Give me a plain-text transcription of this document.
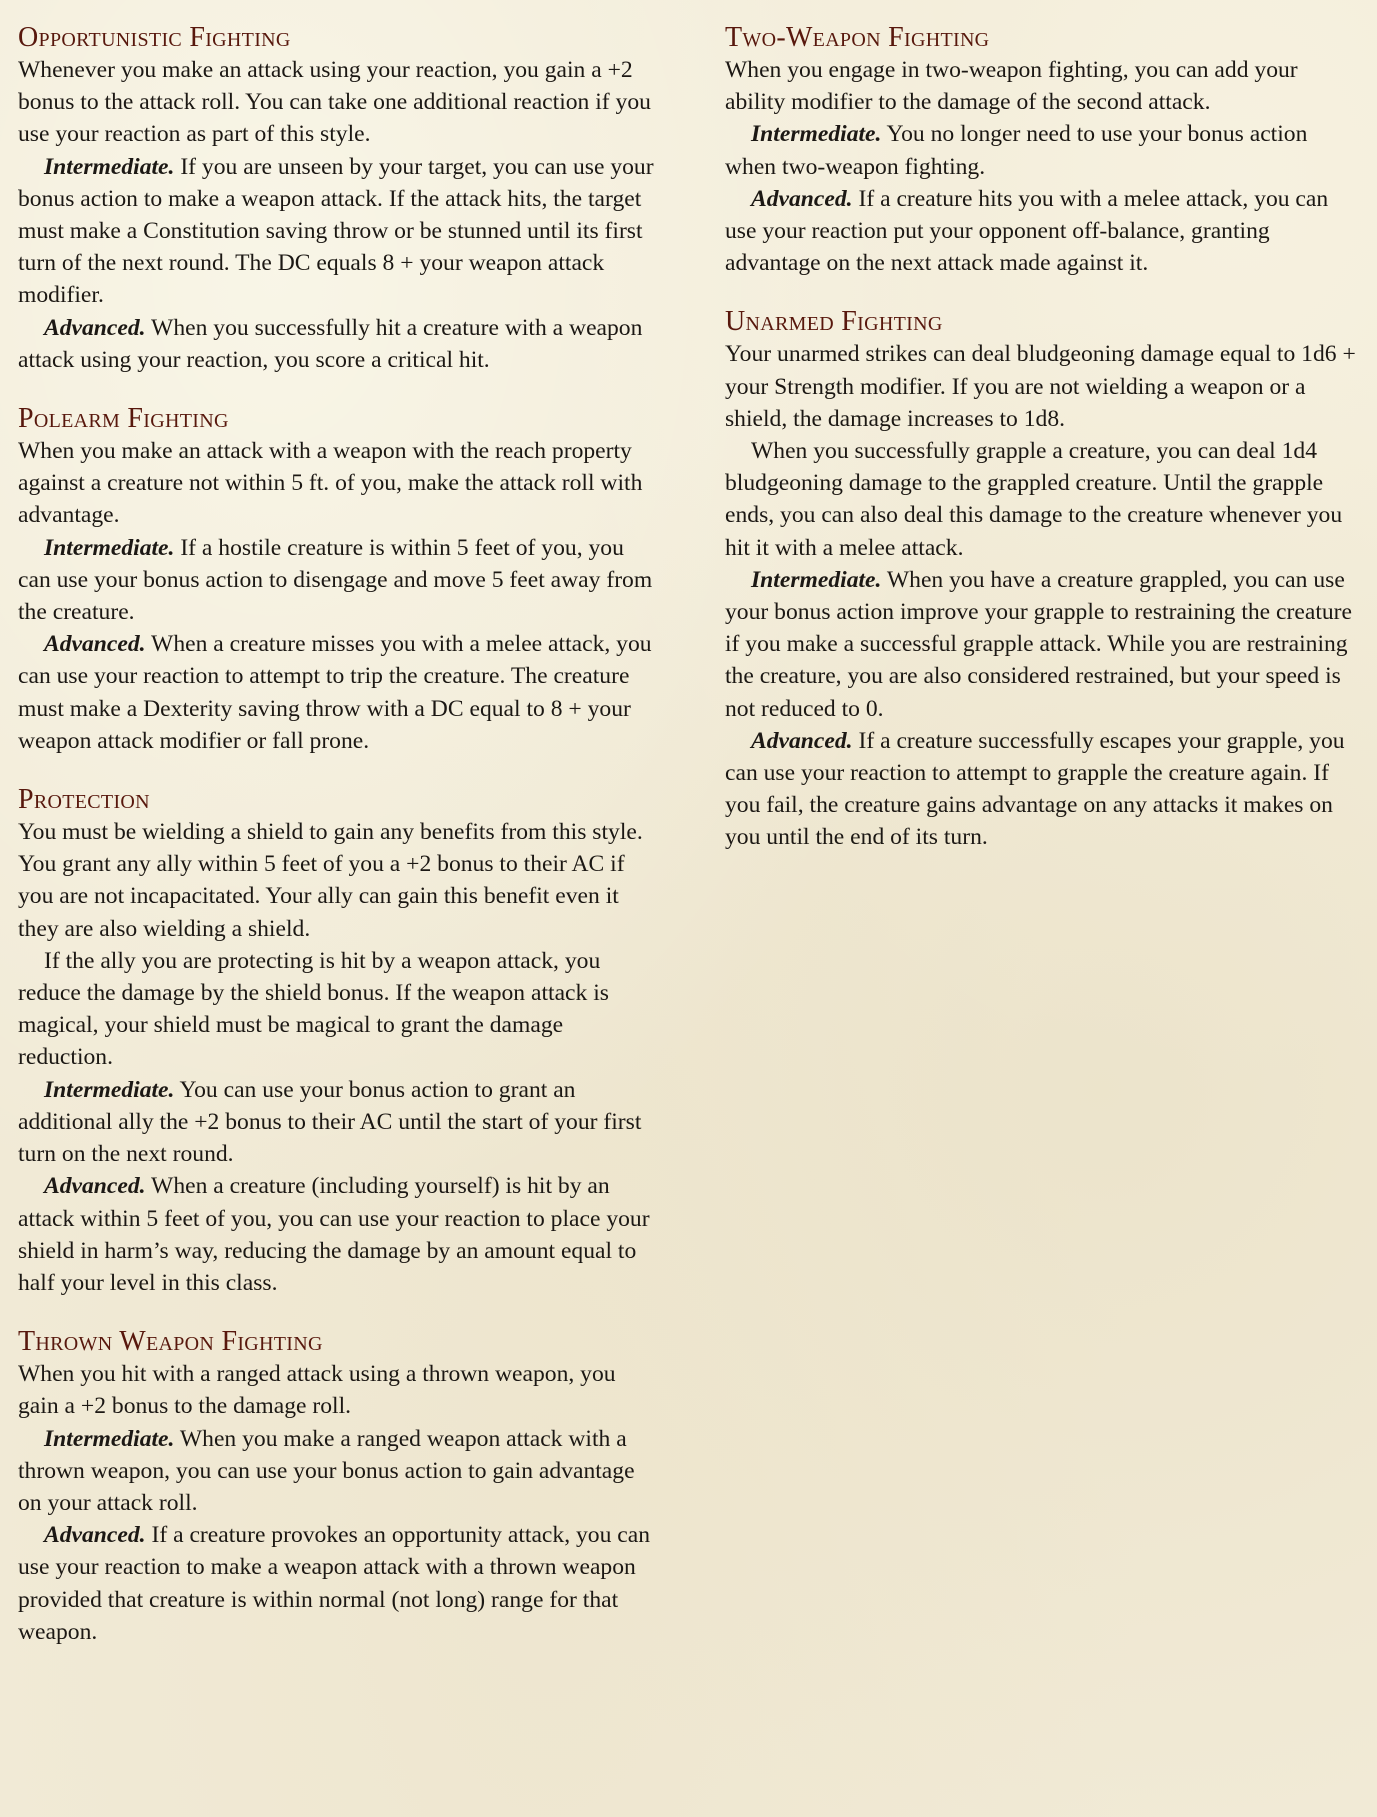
Opportunistic Fighting

Whenever you make an attack using your reaction, you gain a +2 bonus to the attack roll. You can take one additional reaction if you use your reaction as part of this style.

Intermediate. If you are unseen by your target, you can use your bonus action to make a weapon attack. If the attack hits, the target must make a Constitution saving throw or be stunned until its first turn of the next round. The DC equals 8 + your weapon attack modifier.

Advanced. When you successfully hit a creature with a weapon attack using your reaction, you score a critical hit.

Polearm Fighting

When you make an attack with a weapon with the reach property against a creature not within 5 ft. of you, make the attack roll with advantage.

Intermediate. If a hostile creature is within 5 feet of you, you can use your bonus action to disengage and move 5 feet away from the creature.

Advanced. When a creature misses you with a melee attack, you can use your reaction to attempt to trip the creature. The creature must make a Dexterity saving throw with a DC equal to 8 + your weapon attack modifier or fall prone.

Protection

You must be wielding a shield to gain any benefits from this style. You grant any ally within 5 feet of you a +2 bonus to their AC if you are not incapacitated. Your ally can gain this benefit even it they are also wielding a shield.

If the ally you are protecting is hit by a weapon attack, you reduce the damage by the shield bonus. If the weapon attack is magical, your shield must be magical to grant the damage reduction.

Intermediate. You can use your bonus action to grant an additional ally the +2 bonus to their AC until the start of your first turn on the next round.

Advanced. When a creature (including yourself) is hit by an attack within 5 feet of you, you can use your reaction to place your shield in harm’s way, reducing the damage by an amount equal to half your level in this class.

Thrown Weapon Fighting

When you hit with a ranged attack using a thrown weapon, you gain a +2 bonus to the damage roll.

Intermediate. When you make a ranged weapon attack with a thrown weapon, you can use your bonus action to gain advantage on your attack roll.

Advanced. If a creature provokes an opportunity attack, you can use your reaction to make a weapon attack with a thrown weapon provided that creature is within normal (not long) range for that weapon.

Two-Weapon Fighting

When you engage in two-weapon fighting, you can add your ability modifier to the damage of the second attack.

Intermediate. You no longer need to use your bonus action when two-weapon fighting.

Advanced. If a creature hits you with a melee attack, you can use your reaction put your opponent off-balance, granting advantage on the next attack made against it.

Unarmed Fighting

Your unarmed strikes can deal bludgeoning damage equal to 1d6 + your Strength modifier. If you are not wielding a weapon or a shield, the damage increases to 1d8.

When you successfully grapple a creature, you can deal 1d4 bludgeoning damage to the grappled creature. Until the grapple ends, you can also deal this damage to the creature whenever you hit it with a melee attack.

Intermediate. When you have a creature grappled, you can use your bonus action improve your grapple to restraining the creature if you make a successful grapple attack. While you are restraining the creature, you are also considered restrained, but your speed is not reduced to 0.

Advanced. If a creature successfully escapes your grapple, you can use your reaction to attempt to grapple the creature again. If you fail, the creature gains advantage on any attacks it makes on you until the end of its turn.
